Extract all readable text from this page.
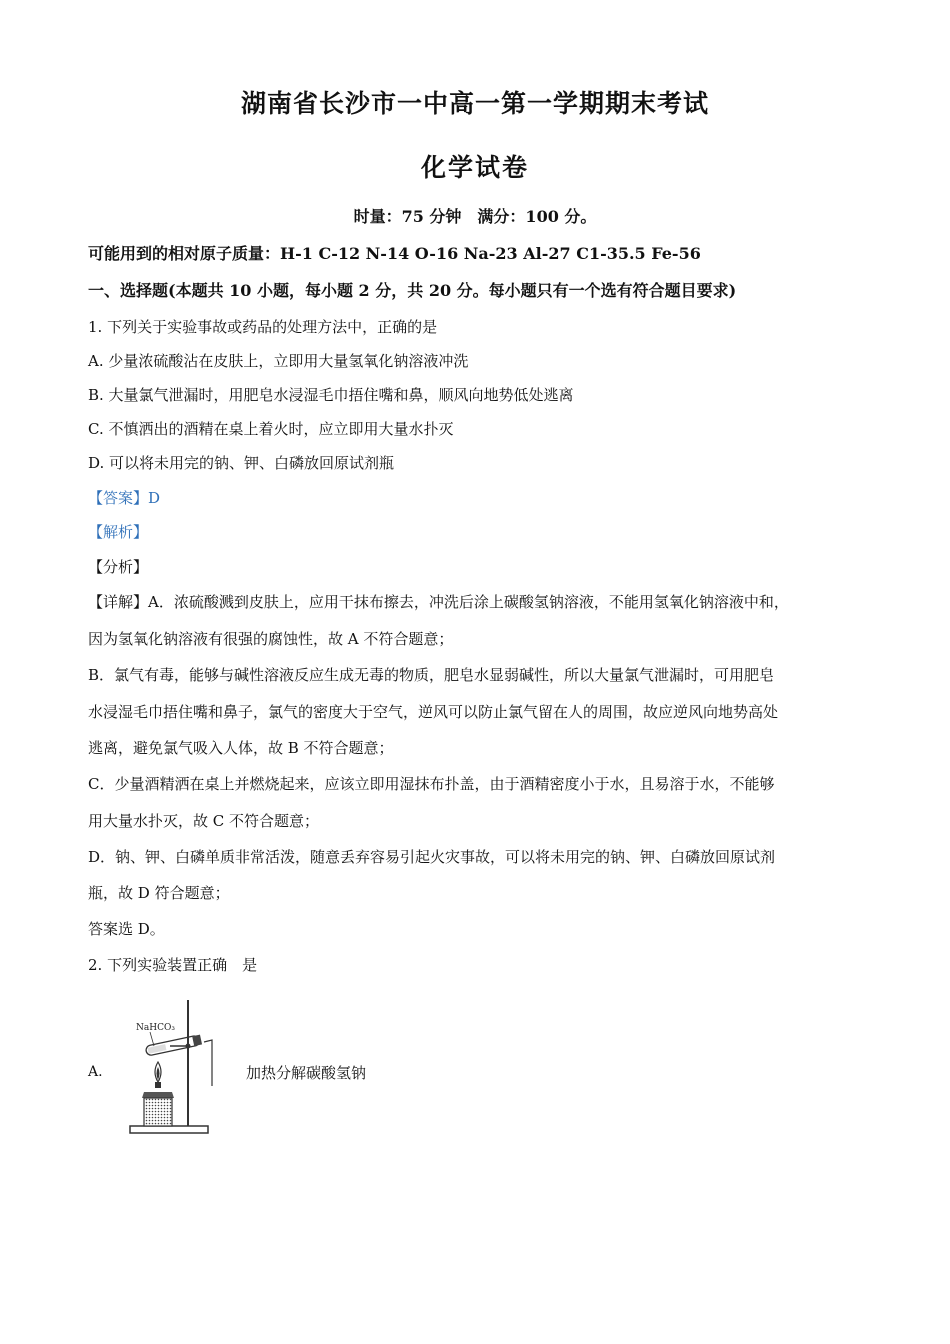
湖南省长沙市一中高一第一学期期末考试
化学试卷
时量：75 分钟　满分：100 分。
可能用到的相对原子质量：H-1 C-12 N-14 O-16 Na-23 Al-27 C1-35.5 Fe-56
一、选择题(本题共 10 小题，每小题 2 分，共 20 分。每小题只有一个选有符合题目要求)
1. 下列关于实验事故或药品的处理方法中，正确的是
A. 少量浓硫酸沾在皮肤上，立即用大量氢氧化钠溶液冲洗
B. 大量氯气泄漏时，用肥皂水浸湿毛巾捂住嘴和鼻，顺风向地势低处逃离
C. 不慎洒出的酒精在桌上着火时，应立即用大量水扑灭
D. 可以将未用完的钠、钾、白磷放回原试剂瓶
【答案】D
【解析】
【分析】
【详解】A．浓硫酸溅到皮肤上，应用干抹布擦去，冲洗后涂上碳酸氢钠溶液，不能用氢氧化钠溶液中和，
因为氢氧化钠溶液有很强的腐蚀性，故 A 不符合题意；
B．氯气有毒，能够与碱性溶液反应生成无毒的物质，肥皂水显弱碱性，所以大量氯气泄漏时，可用肥皂
水浸湿毛巾捂住嘴和鼻子，氯气的密度大于空气，逆风可以防止氯气留在人的周围，故应逆风向地势高处
逃离，避免氯气吸入人体，故 B 不符合题意；
C．少量酒精洒在桌上并燃烧起来，应该立即用湿抹布扑盖，由于酒精密度小于水，且易溶于水，不能够
用大量水扑灭，故 C 不符合题意；
D．钠、钾、白磷单质非常活泼，随意丢弃容易引起火灾事故，可以将未用完的钠、钾、白磷放回原试剂
瓶，故 D 符合题意；
答案选 D。
2. 下列实验装置正确　是
A.
NaHCO₃
加热分解碳酸氢钠
